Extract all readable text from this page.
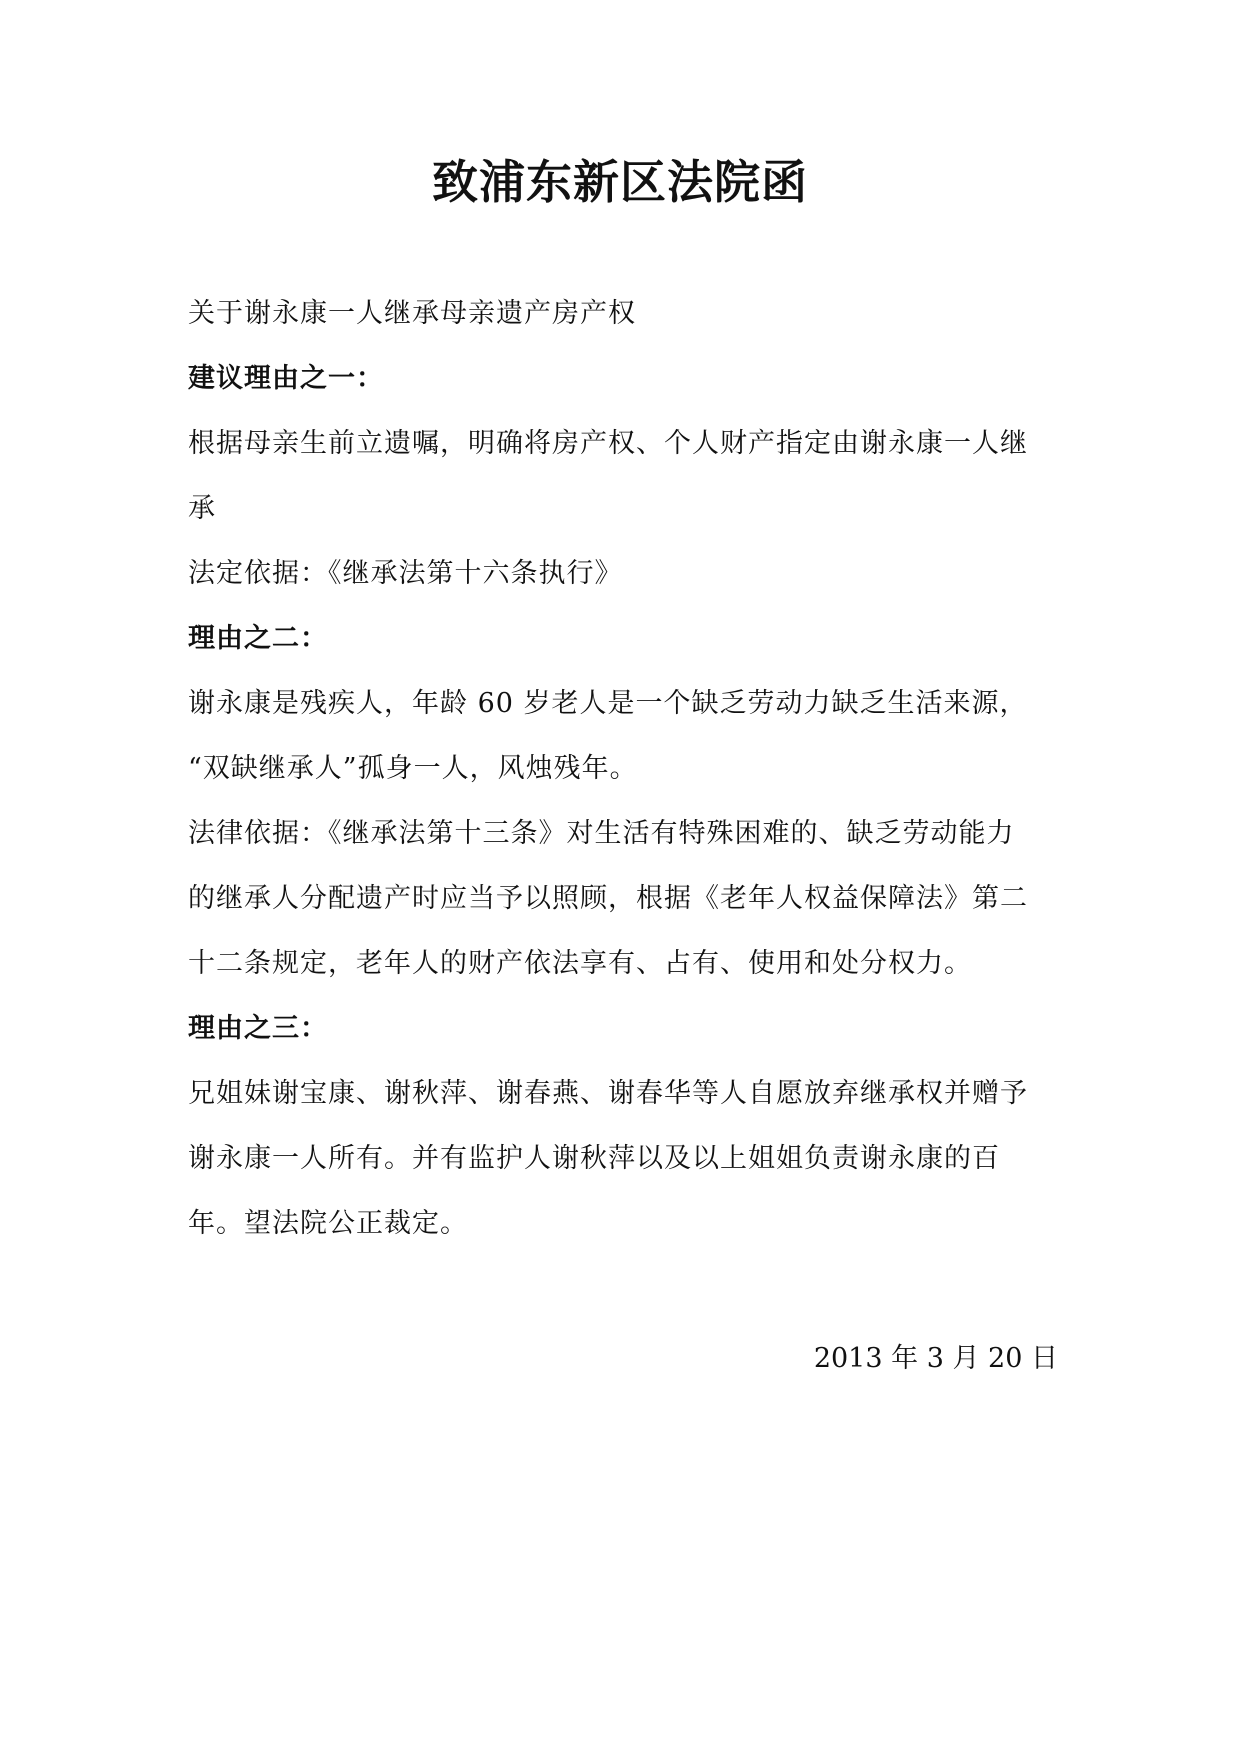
致浦东新区法院函
关于谢永康一人继承母亲遗产房产权
建议理由之一：
根据母亲生前立遗嘱，明确将房产权、个人财产指定由谢永康一人继
承
法定依据：《继承法第十六条执行》
理由之二：
谢永康是残疾人，年龄 60 岁老人是一个缺乏劳动力缺乏生活来源，
“双缺继承人”孤身一人，风烛残年。
法律依据：《继承法第十三条》对生活有特殊困难的、缺乏劳动能力
的继承人分配遗产时应当予以照顾，根据《老年人权益保障法》第二
十二条规定，老年人的财产依法享有、占有、使用和处分权力。
理由之三：
兄姐妹谢宝康、谢秋萍、谢春燕、谢春华等人自愿放弃继承权并赠予
谢永康一人所有。并有监护人谢秋萍以及以上姐姐负责谢永康的百
年。望法院公正裁定。
2013 年 3 月 20 日
